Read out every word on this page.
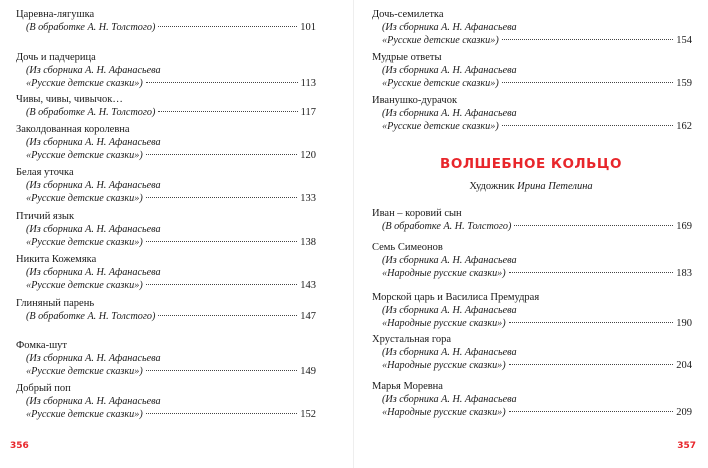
356
Царевна-лягушка
(В обработке А. Н. Толстого)	101
Дочь и падчерица
(Из сборника А. Н. Афанасьева
«Русские детские сказки»)	113
Чивы, чивы, чивычок…
(В обработке А. Н. Толстого)	117
Заколдованная королевна
(Из сборника А. Н. Афанасьева
«Русские детские сказки»)	120
Белая уточка
(Из сборника А. Н. Афанасьева
«Русские детские сказки»)	133
Птичий язык
(Из сборника А. Н. Афанасьева
«Русские детские сказки»)	138
Никита Кожемяка
(Из сборника А. Н. Афанасьева
«Русские детские сказки»)	143
Глиняный парень
(В обработке А. Н. Толстого)	147
Фомка-шут
(Из сборника А. Н. Афанасьева
«Русские детские сказки»)	149
Добрый поп
(Из сборника А. Н. Афанасьева
«Русские детские сказки»)	152
ВОЛШЕБНОЕ КОЛЬЦО
Художник Ирина Петелина
357
Дочь-семилетка
(Из сборника А. Н. Афанасьева
«Русские детские сказки»)	154
Мудрые ответы
(Из сборника А. Н. Афанасьева
«Русские детские сказки»)	159
Иванушко-дурачок
(Из сборника А. Н. Афанасьева
«Русские детские сказки»)	162
Иван – коровий сын
(В обработке А. Н. Толстого)	169
Семь Симеонов
(Из сборника А. Н. Афанасьева
«Народные русские сказки»)	183
Морской царь и Василиса Премудрая
(Из сборника А. Н. Афанасьева
«Народные русские сказки»)	190
Хрустальная гора
(Из сборника А. Н. Афанасьева
«Народные русские сказки»)	204
Марья Моревна
(Из сборника А. Н. Афанасьева
«Народные русские сказки»)	209
